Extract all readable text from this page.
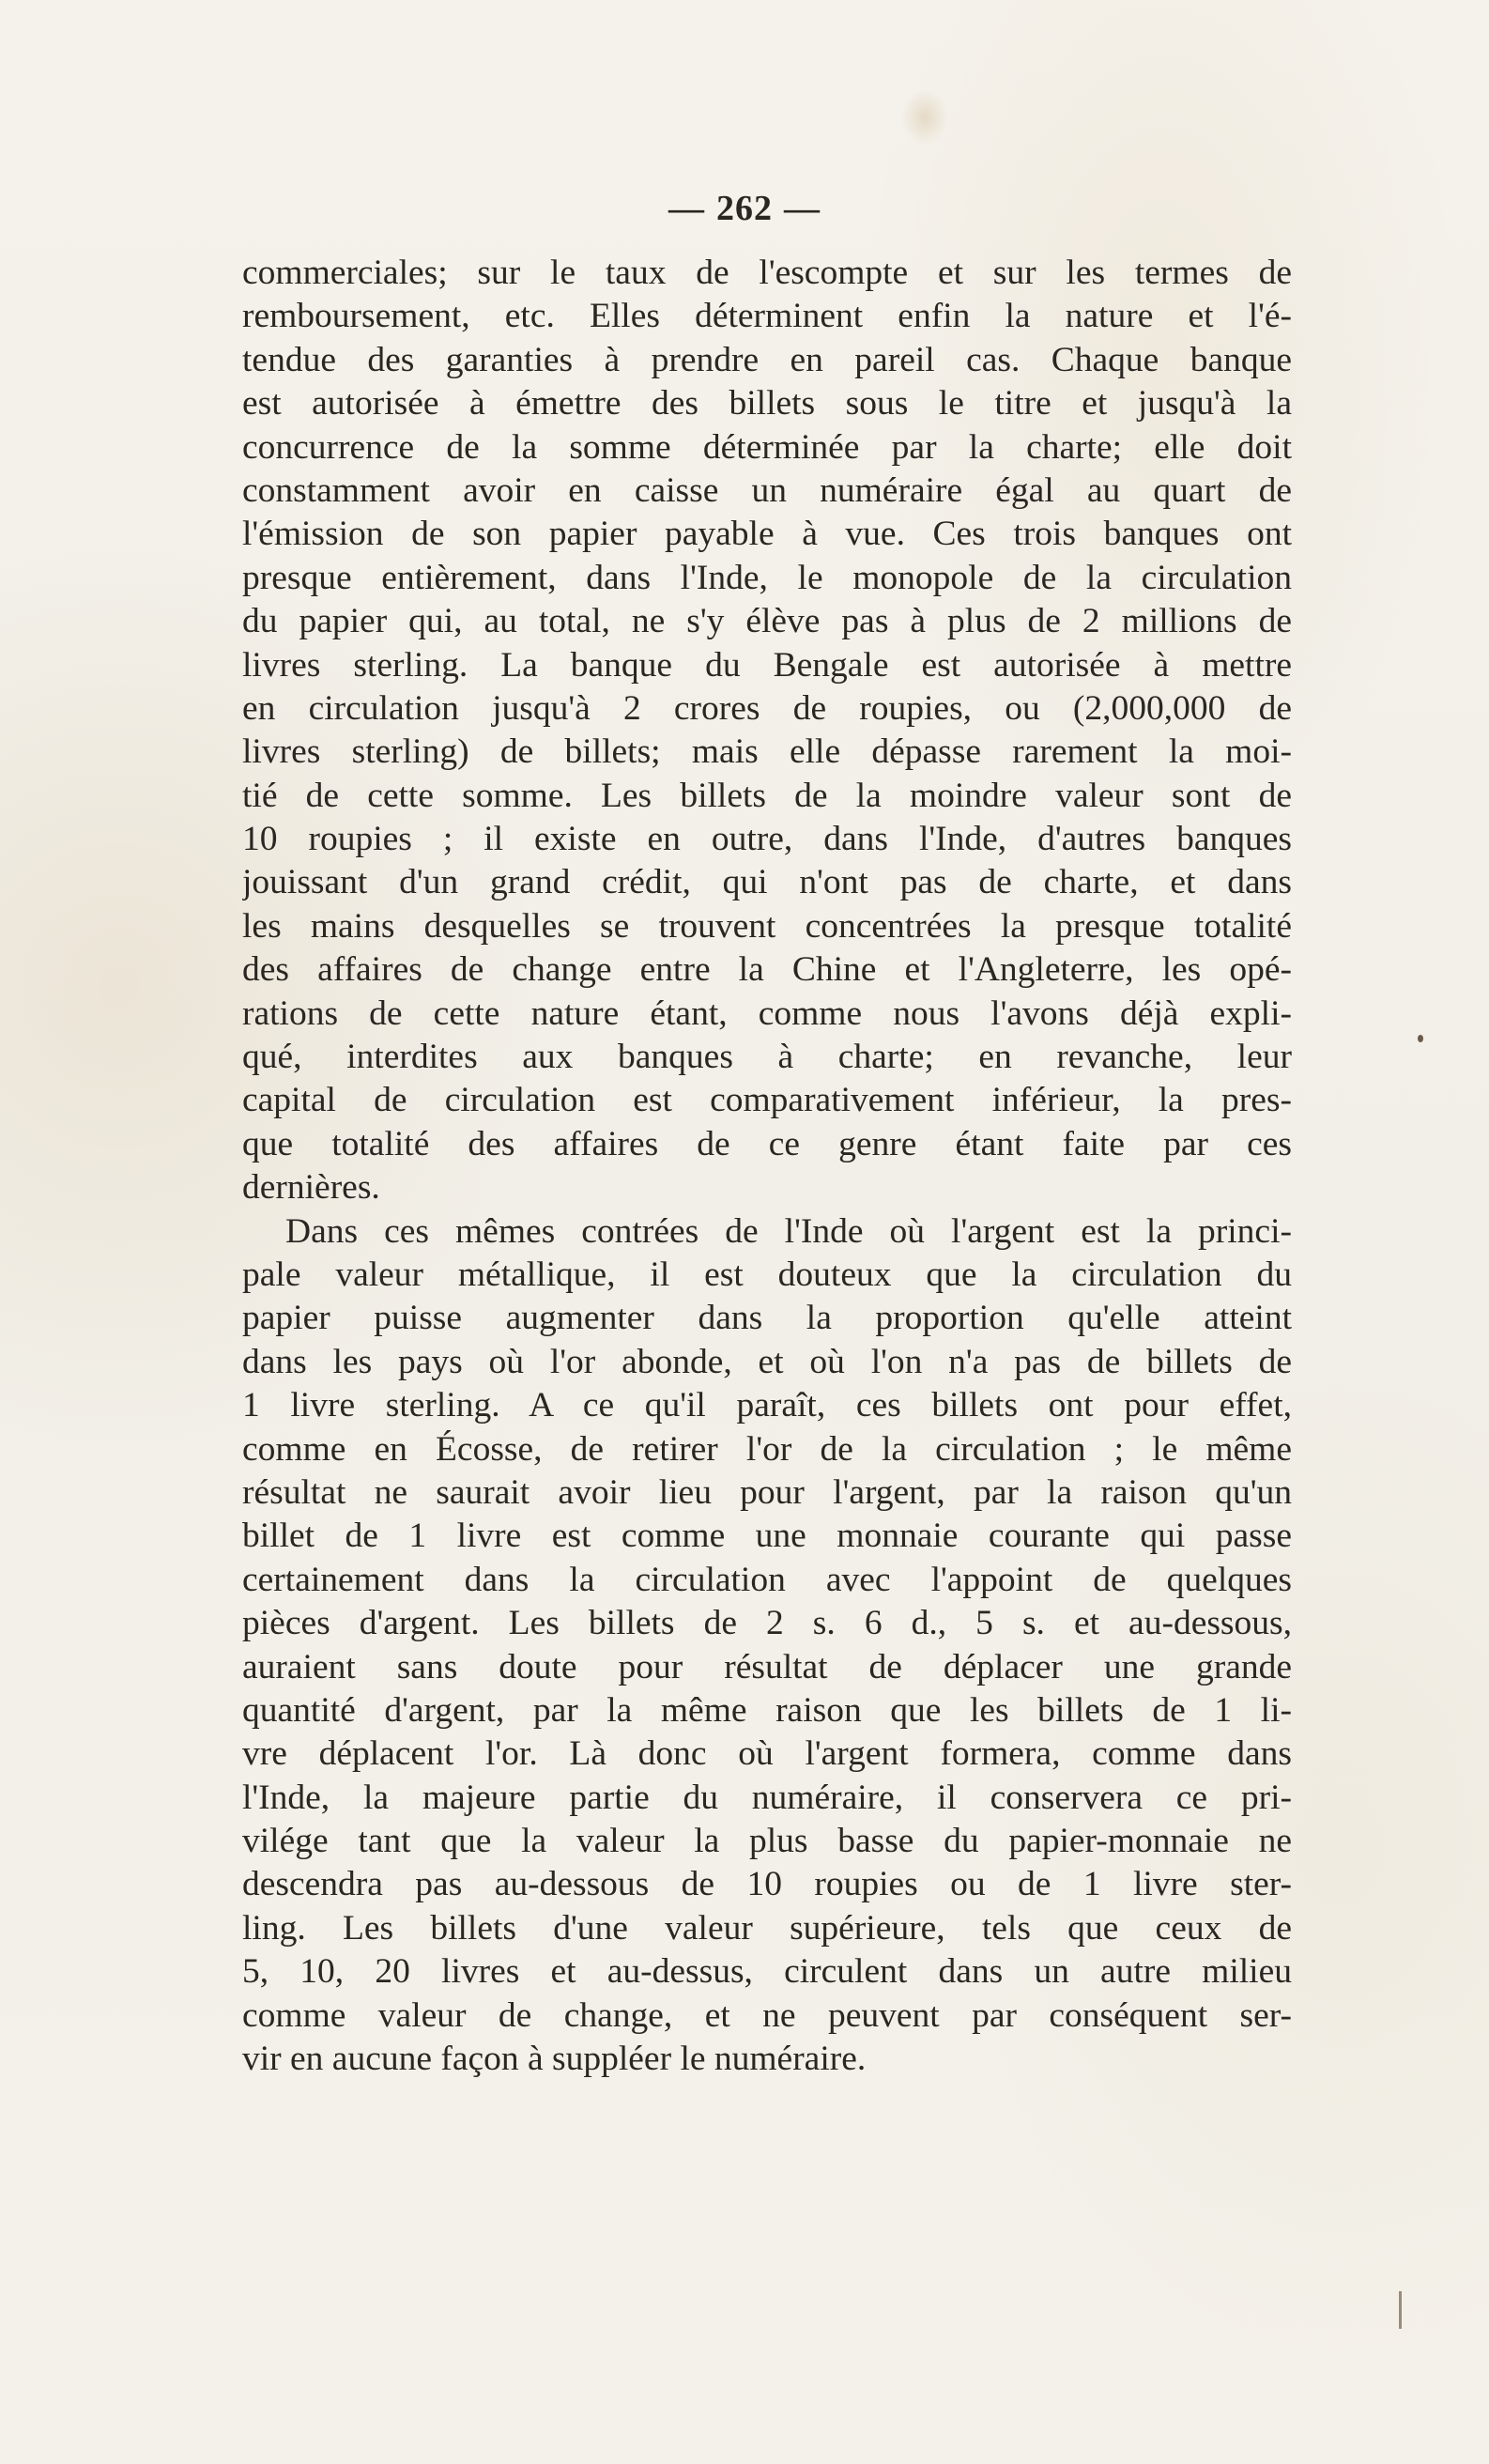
— 262 —
commerciales; sur le taux de l'escompte et sur les termes de
remboursement, etc. Elles déterminent enfin la nature et l'é-
tendue des garanties à prendre en pareil cas. Chaque banque
est autorisée à émettre des billets sous le titre et jusqu'à la
concurrence de la somme déterminée par la charte; elle doit
constamment avoir en caisse un numéraire égal au quart de
l'émission de son papier payable à vue. Ces trois banques ont
presque entièrement, dans l'Inde, le monopole de la circulation
du papier qui, au total, ne s'y élève pas à plus de 2 millions de
livres sterling. La banque du Bengale est autorisée à mettre
en circulation jusqu'à 2 crores de roupies, ou (2,000,000 de
livres sterling) de billets; mais elle dépasse rarement la moi-
tié de cette somme. Les billets de la moindre valeur sont de
10 roupies ; il existe en outre, dans l'Inde, d'autres banques
jouissant d'un grand crédit, qui n'ont pas de charte, et dans
les mains desquelles se trouvent concentrées la presque totalité
des affaires de change entre la Chine et l'Angleterre, les opé-
rations de cette nature étant, comme nous l'avons déjà expli-
qué, interdites aux banques à charte; en revanche, leur
capital de circulation est comparativement inférieur, la pres-
que totalité des affaires de ce genre étant faite par ces
dernières.
Dans ces mêmes contrées de l'Inde où l'argent est la princi-
pale valeur métallique, il est douteux que la circulation du
papier puisse augmenter dans la proportion qu'elle atteint
dans les pays où l'or abonde, et où l'on n'a pas de billets de
1 livre sterling. A ce qu'il paraît, ces billets ont pour effet,
comme en Écosse, de retirer l'or de la circulation ; le même
résultat ne saurait avoir lieu pour l'argent, par la raison qu'un
billet de 1 livre est comme une monnaie courante qui passe
certainement dans la circulation avec l'appoint de quelques
pièces d'argent. Les billets de 2 s. 6 d., 5 s. et au-dessous,
auraient sans doute pour résultat de déplacer une grande
quantité d'argent, par la même raison que les billets de 1 li-
vre déplacent l'or. Là donc où l'argent formera, comme dans
l'Inde, la majeure partie du numéraire, il conservera ce pri-
vilége tant que la valeur la plus basse du papier-monnaie ne
descendra pas au-dessous de 10 roupies ou de 1 livre ster-
ling. Les billets d'une valeur supérieure, tels que ceux de
5, 10, 20 livres et au-dessus, circulent dans un autre milieu
comme valeur de change, et ne peuvent par conséquent ser-
vir en aucune façon à suppléer le numéraire.
